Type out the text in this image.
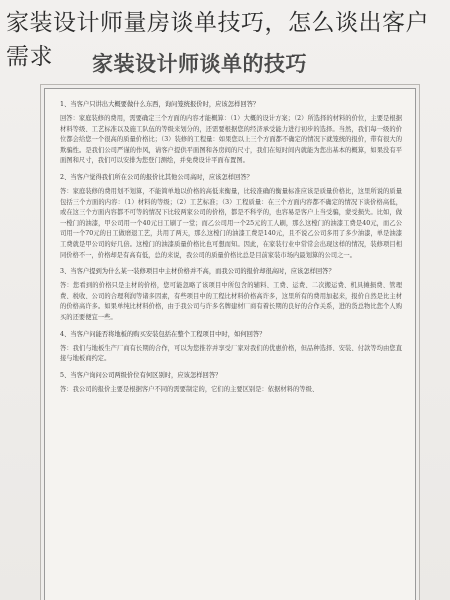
家装设计师量房谈单技巧，怎么谈出客户需求	家装设计师谈单的技巧
1、当客户只讲出大概要做什么东西，询问笼统报价时，应该怎样回答？
回答：家庭装修的费用，需要确定三个方面的内容才能概算：（1）大概的设计方案；（2）所选择的材料的价位，主要是根据材料等级、工艺标准以及施工队伍的等级来划分的，还需要根据您的经济承受能力进行初步的选择。当然，我们每一级的价位都会给您一个很高的质量价格比；（3）装修的工程量：如果您以上三个方面都不确定的情况下就笼统的报价，带有很大的欺骗性。是我们公司严谨的作风，请客户提供平面图和各房间的尺寸，我们在短时间内就能为您出基本的概算，如果没有平面图和尺寸，我们可以安排为您登门测绘，并免费设计平面布置图。
2、当客户觉得我们所在公司的报价比其他公司高时，应该怎样回答？
答：家庭装修的费用划不划算，不能简单地以价格的高低来衡量，比较准确的衡量标准应该是质量价格比，这里所说的质量包括三个方面的内容：（1）材料的等级；（2）工艺标准；（3）工程质量：在三个方面内容都不确定的情况下谈价格高低，或在这三个方面内容都不可等的情况下比较两家公司的价格，都是不科学的，也容易是客户上当受骗，蒙受损失。比如，做一樘门的油漆，甲公司用一个40元日工刷了一堂；而乙公司用一个25元的工人刷，那么这樘门的油漆工费是40元，而乙公司用一个70元的日工做磨退工艺，共用了两天，那么这樘门的油漆工费是140元，且不说乙公司多用了多少油漆，单是油漆工费就是甲公司的好几倍。这樘门的油漆质量价格比也可想而知。因此，在家装行业中常常会出现这样的情况，装修项目相同价格不一，价格却是有高有低，总的来说，我公司的质量价格比总是目前家装市场内最划算的公司之一。
3、当客户提到为什么某一装修项目中主材价格并不高，而我公司的报价却很高时，应该怎样回答？
答：您看到的价格只是主材的价格，您可能忽略了该项目中所包含的辅料、工费、运费、二次搬运费、机具摊损费、管理费、税收、公司的合理利润等诸多因素，有些项目中的工程比材料价格高许多，这里所有的费用加起来，报价自然是比主材的价格高许多。如果单纯比材料价格，由于我公司与许多名牌建材厂商有着长期的良好的合作关系，进的货总物比您个人购买的还要便宜一些。
4、当客户问能否将地板的购买安装包括在整个工程项目中时，如何回答？
答：我们与地板生产厂商有长期的合作，可以为您推荐并享受厂家对我们的优惠价格，但品种选择、安装、付款等均由您直接与地板商约定。
5、当客户询问公司两级价位有何区别时，应该怎样回答？
答：我公司的报价主要是根据客户不同的需要制定的，它们的主要区别是：依据材料的等级、
